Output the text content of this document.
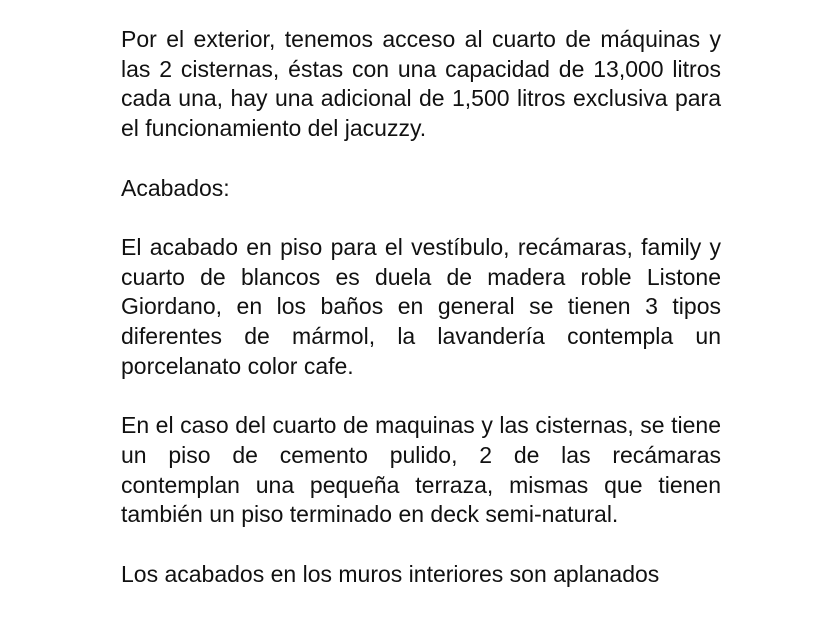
Por el exterior, tenemos acceso al cuarto de máquinas y las 2 cisternas, éstas con una capacidad de 13,000 litros cada una, hay una adicional de 1,500 litros exclusiva para el funcionamiento del jacuzzy.

Acabados:

El acabado en piso para el vestíbulo, recámaras, family y cuarto de blancos es duela de madera roble Listone Giordano, en los baños en general se tienen 3 tipos diferentes de mármol, la lavandería contempla un porcelanato color cafe.

En el caso del cuarto de maquinas y las cisternas, se tiene un piso de cemento pulido, 2 de las recámaras contemplan una pequeña terraza, mismas que tienen también un piso terminado en deck semi-natural.

Los acabados en los muros interiores son aplanados
